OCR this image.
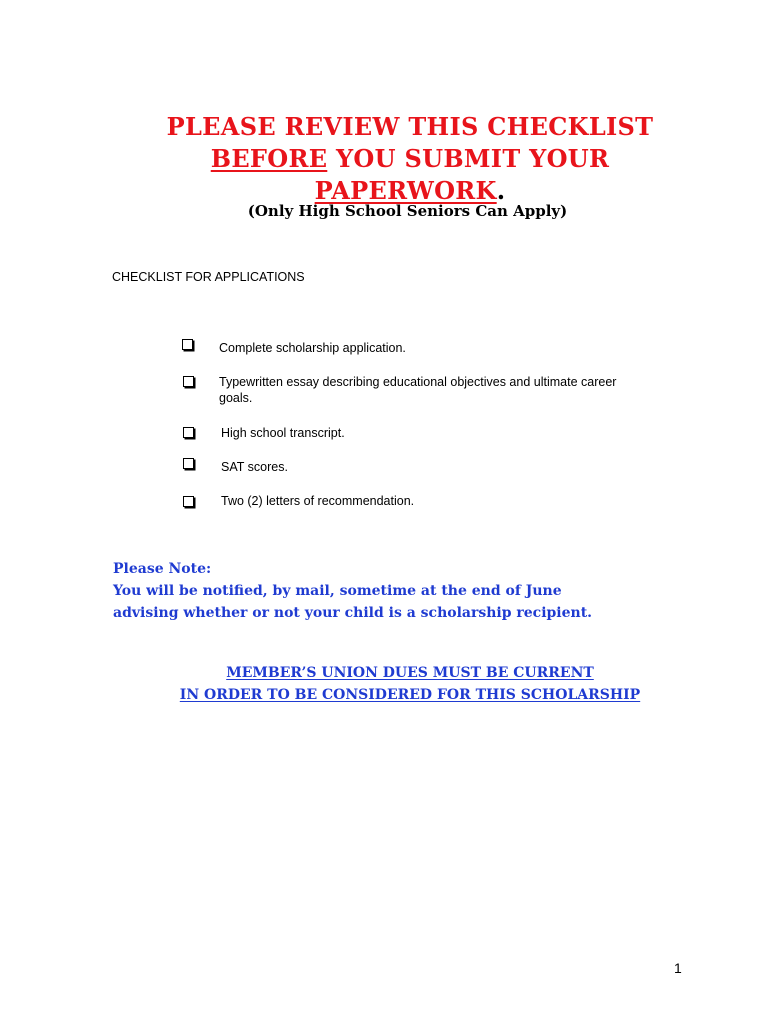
PLEASE REVIEW THIS CHECKLIST
BEFORE YOU SUBMIT YOUR
PAPERWORK.
(Only High School Seniors Can Apply)
CHECKLIST FOR APPLICATIONS
Complete scholarship application.
Typewritten essay describing educational objectives and ultimate career goals.
High school transcript.
SAT scores.
Two (2) letters of recommendation.
Please Note:
You will be notified, by mail, sometime at the end of June
advising whether or not your child is a scholarship recipient.
MEMBER’S UNION DUES MUST BE CURRENT
IN ORDER TO BE CONSIDERED FOR THIS SCHOLARSHIP
1
